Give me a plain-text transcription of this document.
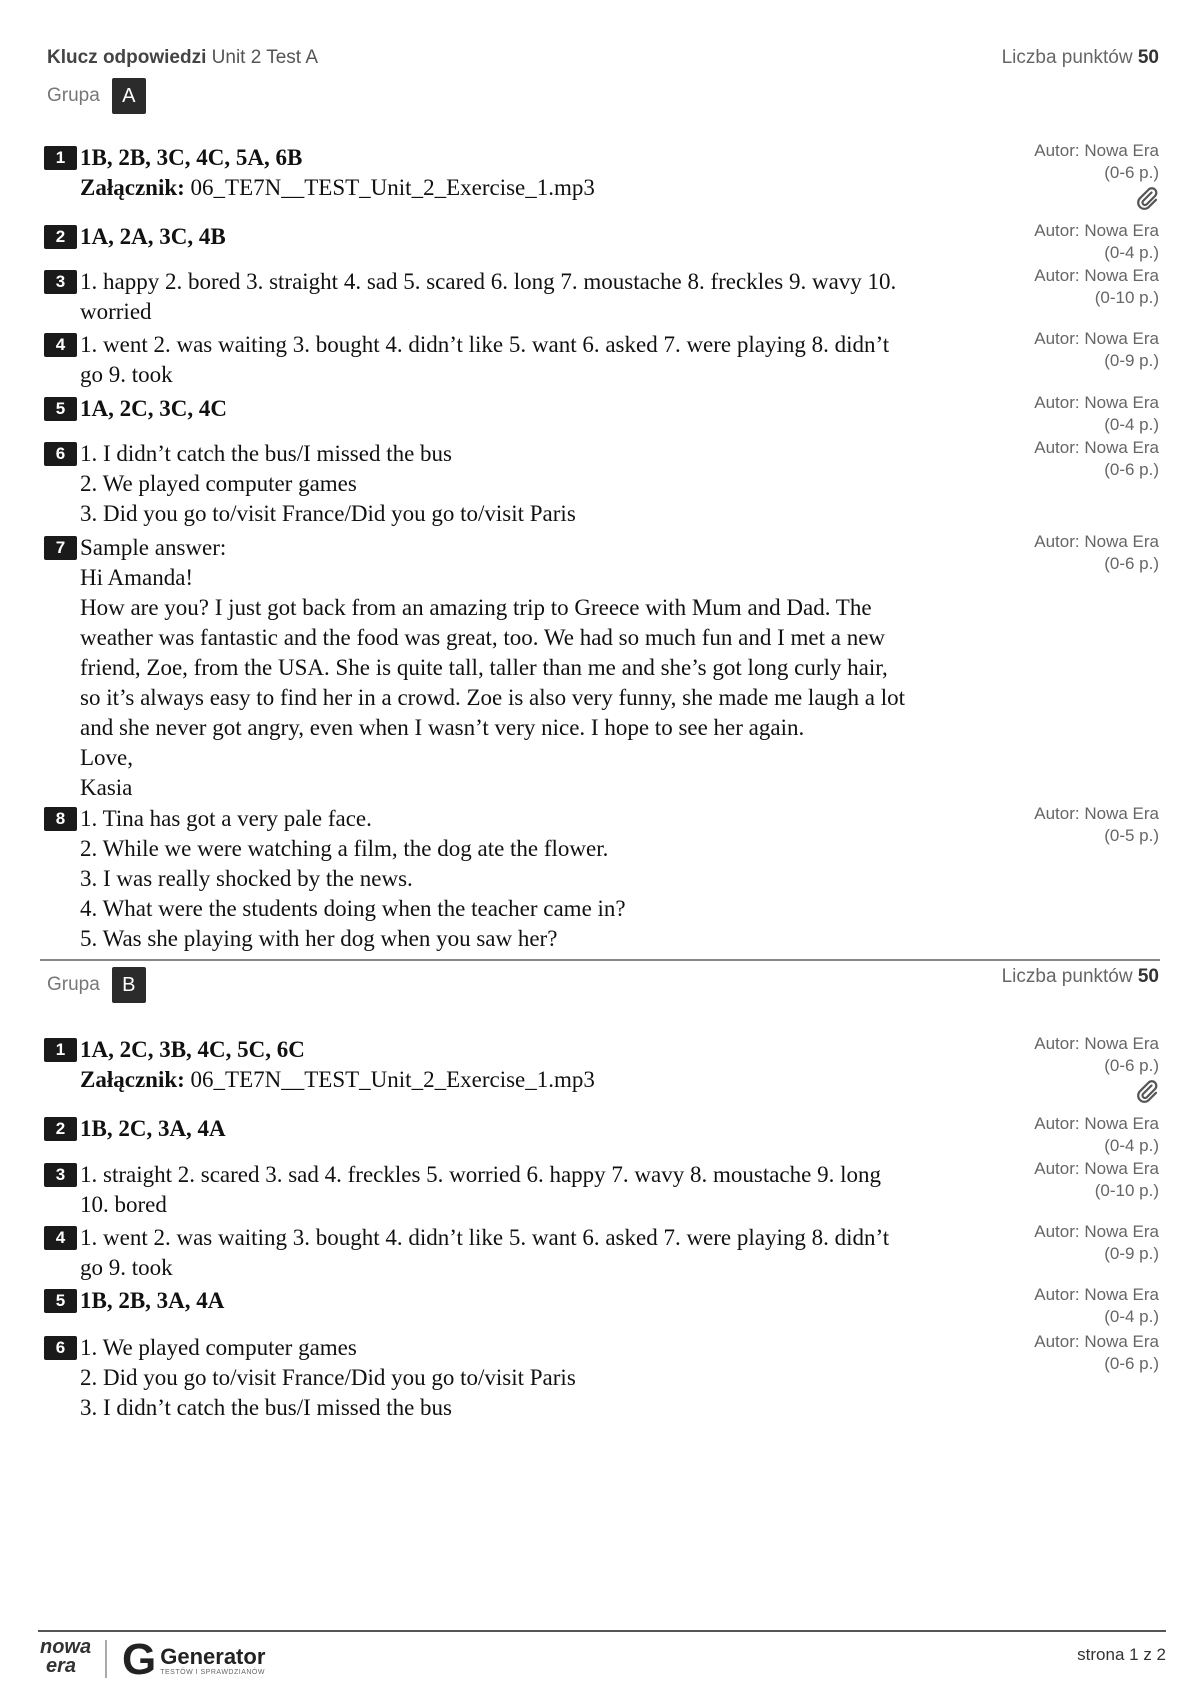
Klucz odpowiedzi Unit 2 Test A	Liczba punktów 50
Grupa	A
1 1B, 2B, 3C, 4C, 5A, 6B
Załącznik: 06_TE7N__TEST_Unit_2_Exercise_1.mp3
Autor: Nowa Era
(0-6 p.)
2 1A, 2A, 3C, 4B	Autor: Nowa Era
(0-4 p.)
3 1. happy 2. bored 3. straight 4. sad 5. scared 6. long 7. moustache 8. freckles 9. wavy 10.
worried
Autor: Nowa Era
(0-10 p.)
4 1. went 2. was waiting 3. bought 4. didn’t like 5. want 6. asked 7. were playing 8. didn’t
go 9. took
Autor: Nowa Era
(0-9 p.)
5 1A, 2C, 3C, 4C	Autor: Nowa Era
(0-4 p.)
6 1. I didn’t catch the bus/I missed the bus
2. We played computer games
3. Did you go to/visit France/Did you go to/visit Paris
Autor: Nowa Era
(0-6 p.)
7 Sample answer:
Hi Amanda!
How are you? I just got back from an amazing trip to Greece with Mum and Dad. The
weather was fantastic and the food was great, too. We had so much fun and I met a new
friend, Zoe, from the USA. She is quite tall, taller than me and she’s got long curly hair,
so it’s always easy to find her in a crowd. Zoe is also very funny, she made me laugh a lot
and she never got angry, even when I wasn’t very nice. I hope to see her again.
Love,
Kasia
Autor: Nowa Era
(0-6 p.)
8 1. Tina has got a very pale face.
2. While we were watching a film, the dog ate the flower.
3. I was really shocked by the news.
4. What were the students doing when the teacher came in?
5. Was she playing with her dog when you saw her?
Autor: Nowa Era
(0-5 p.)
Grupa	B	Liczba punktów 50
1 1A, 2C, 3B, 4C, 5C, 6C
Załącznik: 06_TE7N__TEST_Unit_2_Exercise_1.mp3
Autor: Nowa Era
(0-6 p.)
2 1B, 2C, 3A, 4A	Autor: Nowa Era
(0-4 p.)
3 1. straight 2. scared 3. sad 4. freckles 5. worried 6. happy 7. wavy 8. moustache 9. long
10. bored
Autor: Nowa Era
(0-10 p.)
4 1. went 2. was waiting 3. bought 4. didn’t like 5. want 6. asked 7. were playing 8. didn’t
go 9. took
Autor: Nowa Era
(0-9 p.)
5 1B, 2B, 3A, 4A	Autor: Nowa Era
(0-4 p.)
6 1. We played computer games
2. Did you go to/visit France/Did you go to/visit Paris
3. I didn’t catch the bus/I missed the bus
Autor: Nowa Era
(0-6 p.)
nowa
era	G Generator
TESTÓW I SPRAWDZIANÓW
strona 1 z 2
